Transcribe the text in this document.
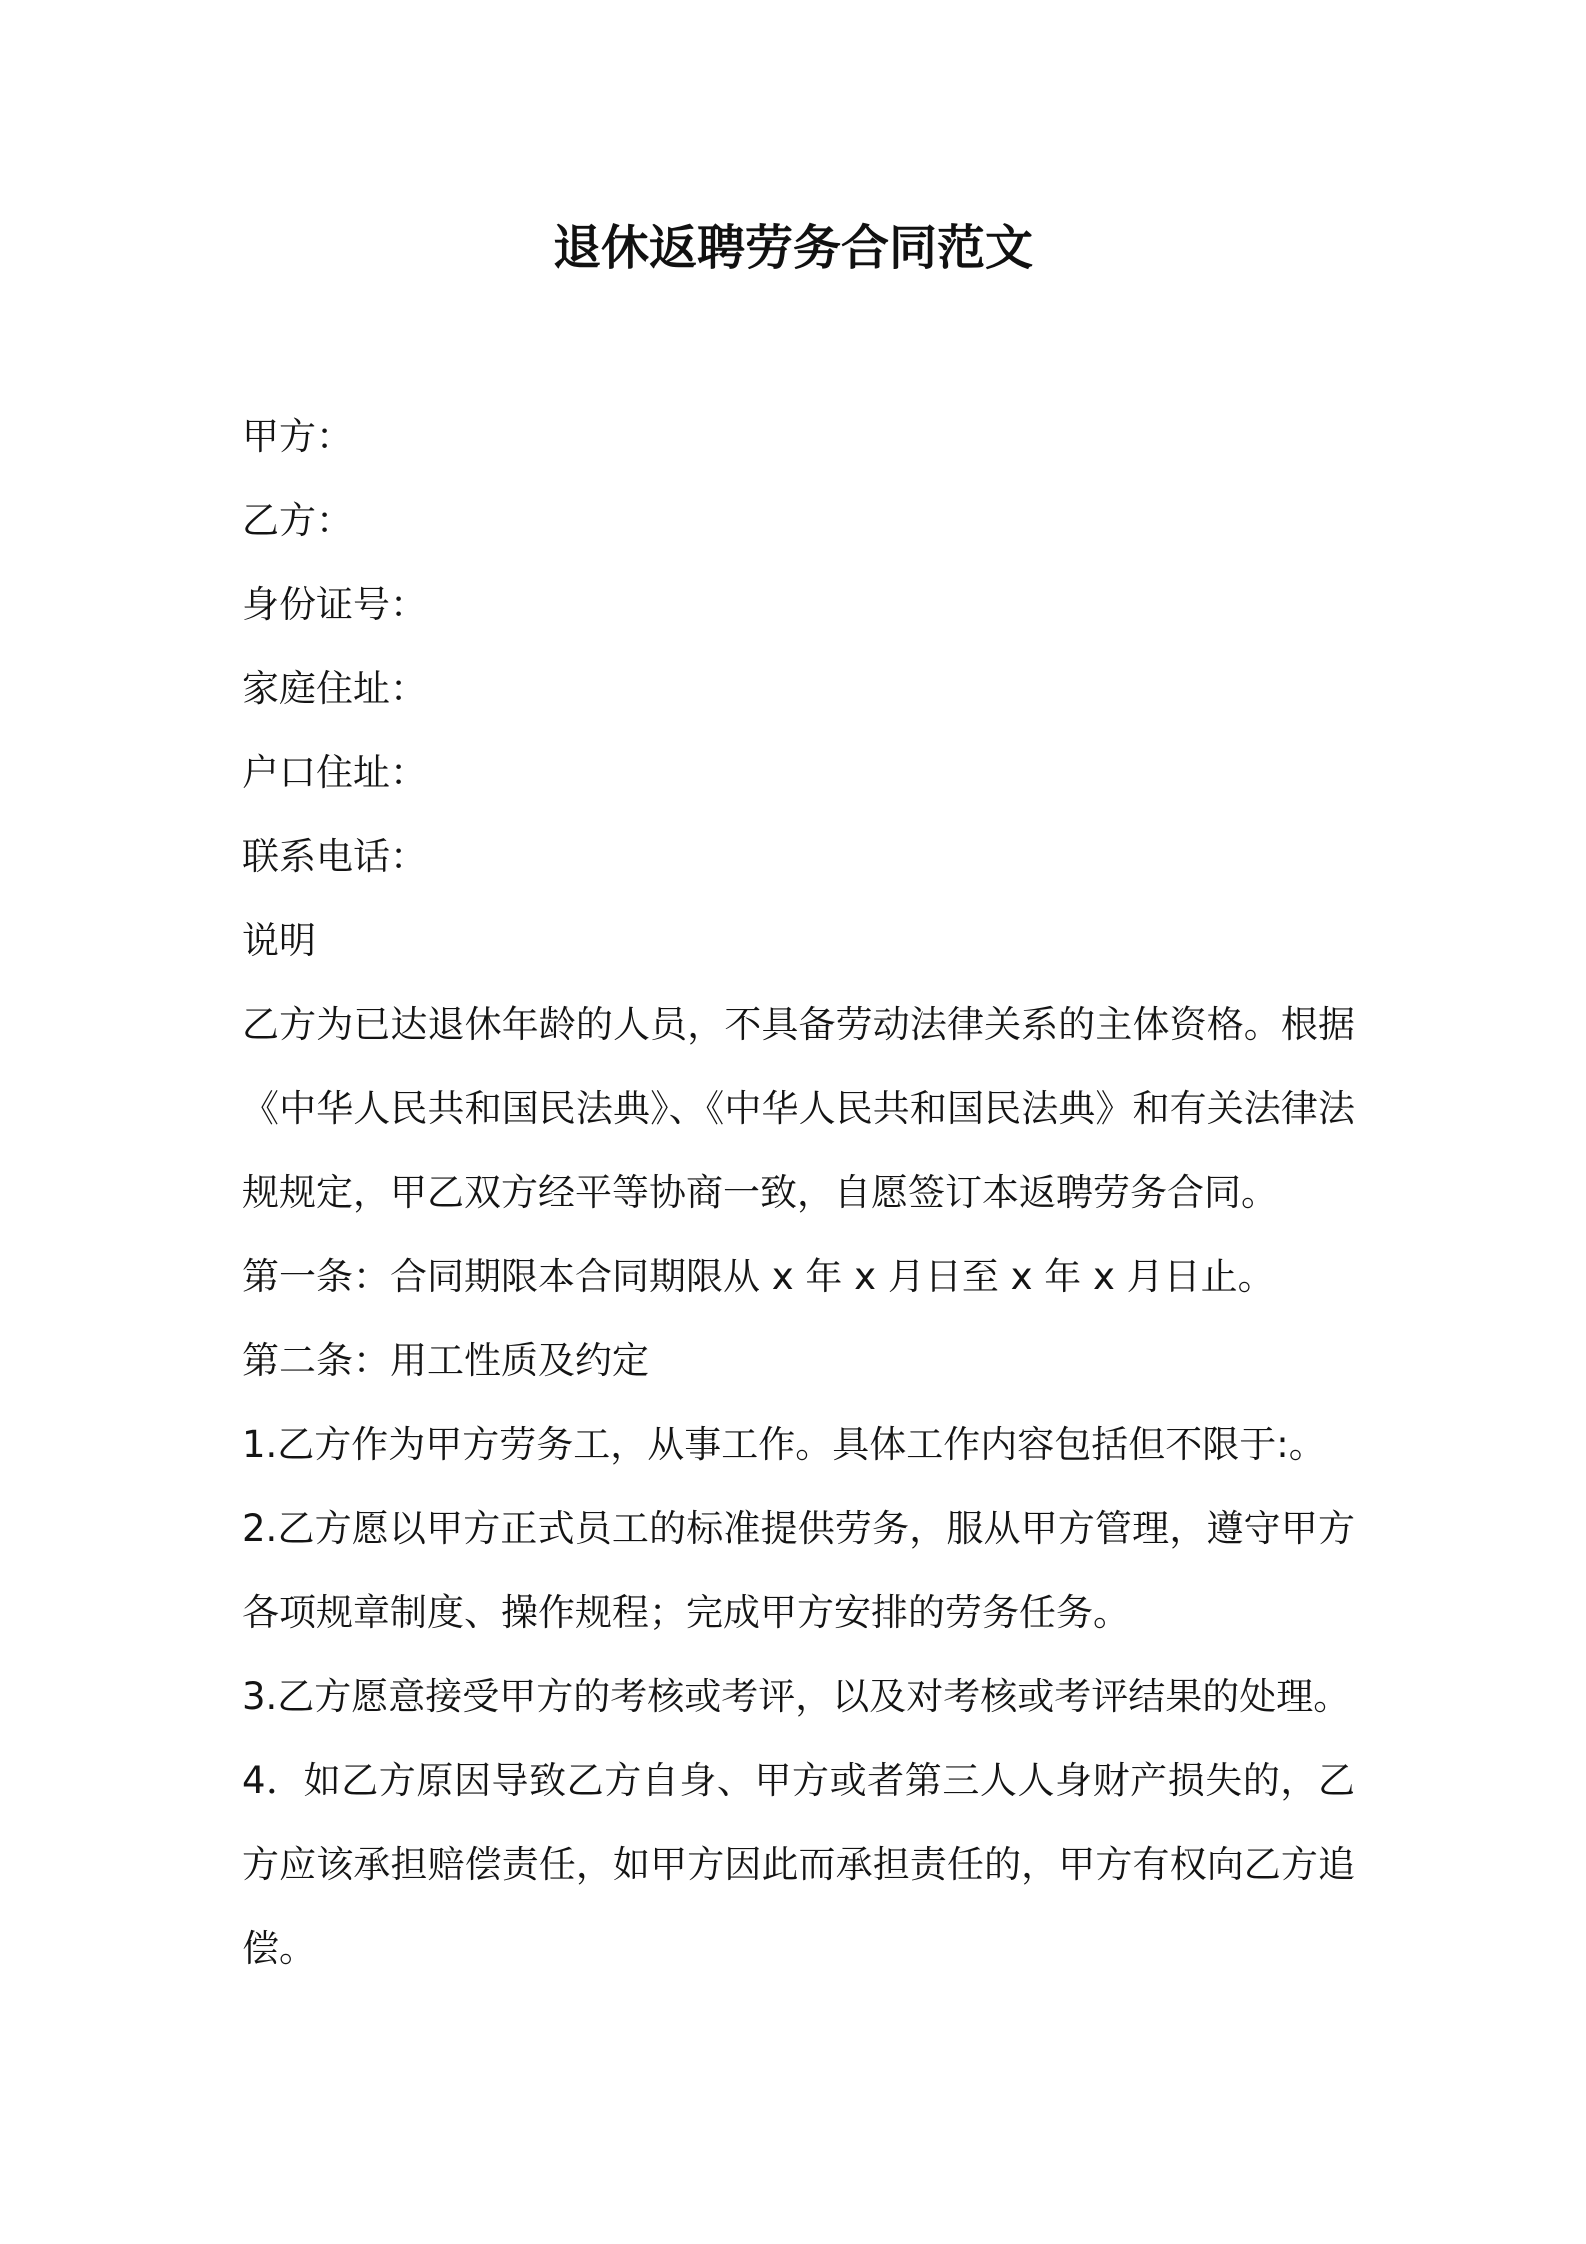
退休返聘劳务合同范文

甲方：

乙方：

身份证号：

家庭住址：

户口住址：

联系电话：

说明

乙方为已达退休年龄的人员，不具备劳动法律关系的主体资格。根据

《中华人民共和国民法典》、《中华人民共和国民法典》和有关法律法

规规定，甲乙双方经平等协商一致，自愿签订本返聘劳务合同。

第一条：合同期限本合同期限从 x 年 x 月日至 x 年 x 月日止。

第二条：用工性质及约定

1.乙方作为甲方劳务工，从事工作。具体工作内容包括但不限于:。

2.乙方愿以甲方正式员工的标准提供劳务，服从甲方管理，遵守甲方

各项规章制度、操作规程；完成甲方安排的劳务任务。

3.乙方愿意接受甲方的考核或考评，以及对考核或考评结果的处理。

4．如乙方原因导致乙方自身、甲方或者第三人人身财产损失的，乙

方应该承担赔偿责任，如甲方因此而承担责任的，甲方有权向乙方追

偿。
